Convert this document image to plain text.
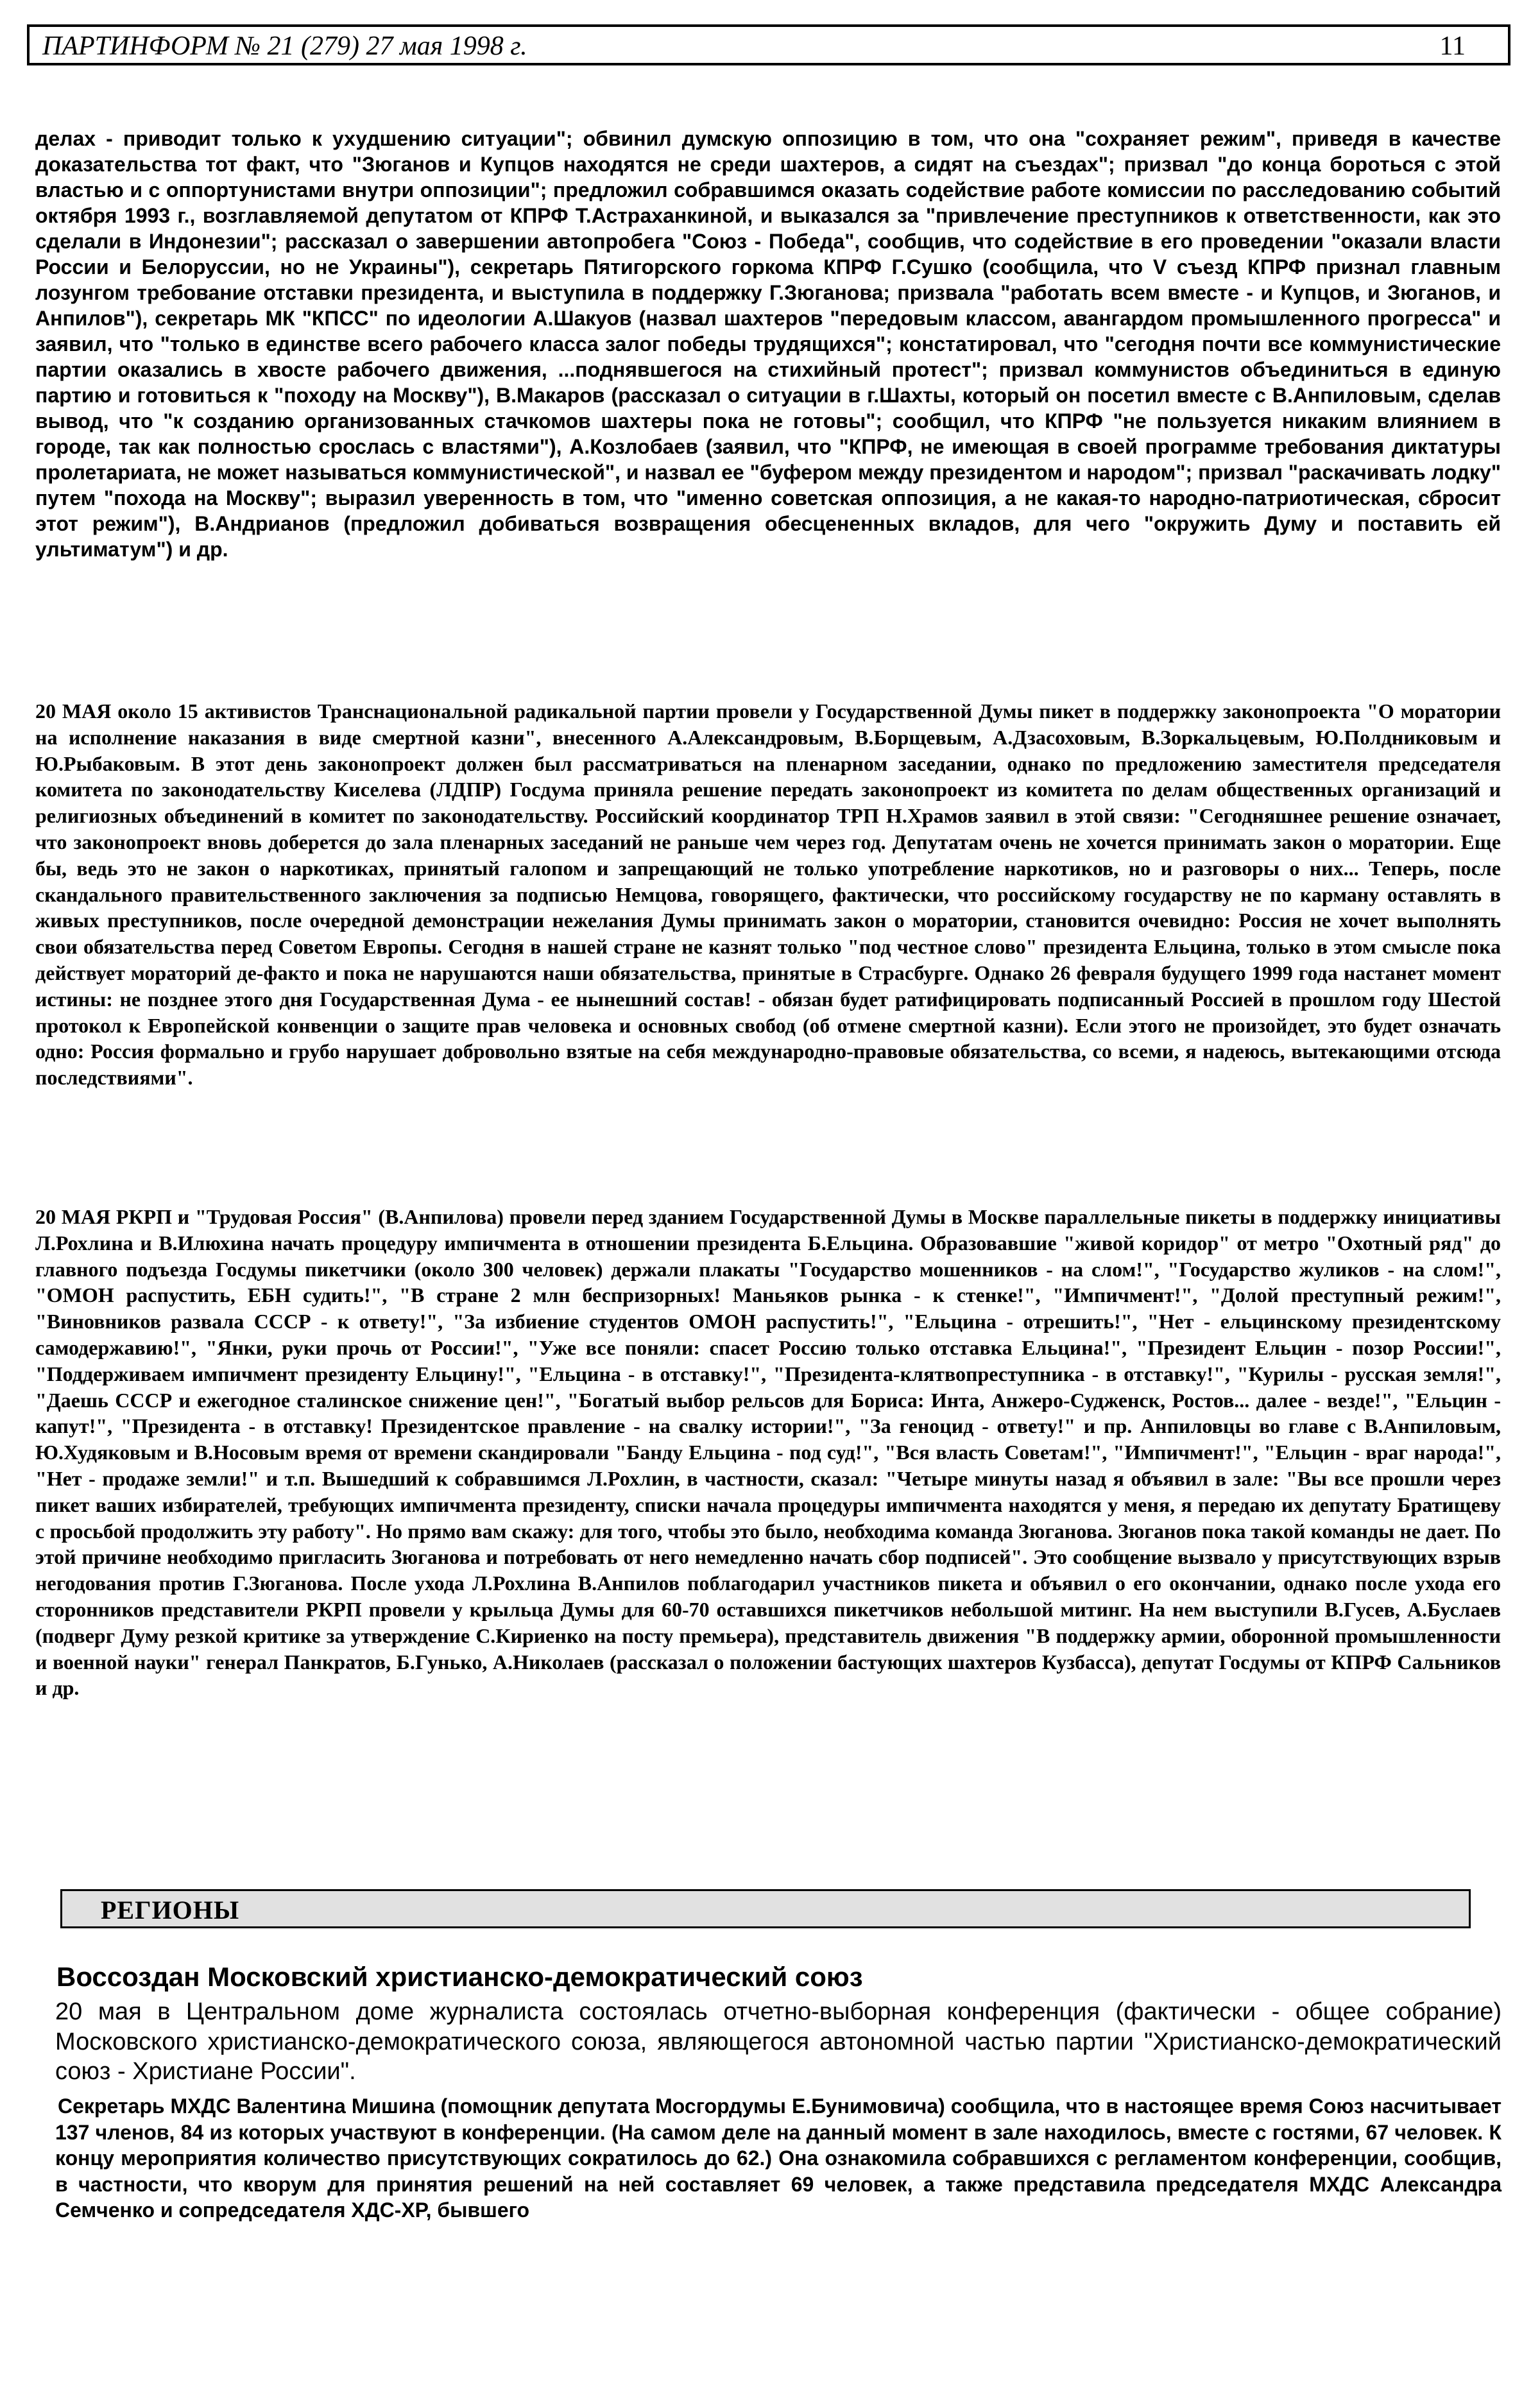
ПАРТИНФОРМ № 21 (279) 27 мая 1998 г.	11

делах - приводит только к ухудшению ситуации"; обвинил думскую оппозицию в том, что она "сохраняет режим", приведя в качестве доказательства тот факт, что "Зюганов и Купцов находятся не среди шахтеров, а сидят на съездах"; призвал "до конца бороться с этой властью и с оппортунистами внутри оппозиции"; предложил собравшимся оказать содействие работе комиссии по расследованию событий октября 1993 г., возглавляемой депутатом от КПРФ Т.Астраханкиной, и выказался за "привлечение преступников к ответственности, как это сделали в Индонезии"; рассказал о завершении автопробега "Союз - Победа", сообщив, что содействие в его проведении "оказали власти России и Белоруссии, но не Украины"), секретарь Пятигорского горкома КПРФ Г.Сушко (сообщила, что V съезд КПРФ признал главным лозунгом требование отставки президента, и выступила в поддержку Г.Зюганова; призвала "работать всем вместе - и Купцов, и Зюганов, и Анпилов"), секретарь МК "КПСС" по идеологии А.Шакуов (назвал шахтеров "передовым классом, авангардом промышленного прогресса" и заявил, что "только в единстве всего рабочего класса залог победы трудящихся"; констатировал, что "сегодня почти все коммунистические партии оказались в хвосте рабочего движения, ...поднявшегося на стихийный протест"; призвал коммунистов объединиться в единую партию и готовиться к "походу на Москву"), В.Макаров (рассказал о ситуации в г.Шахты, который он посетил вместе с В.Анпиловым, сделав вывод, что "к созданию организованных стачкомов шахтеры пока не готовы"; сообщил, что КПРФ "не пользуется никаким влиянием в городе, так как полностью срослась с властями"), А.Козлобаев (заявил, что "КПРФ, не имеющая в своей программе требования диктатуры пролетариата, не может называться коммунистической", и назвал ее "буфером между президентом и народом"; призвал "раскачивать лодку" путем "похода на Москву"; выразил уверенность в том, что "именно советская оппозиция, а не какая-то народно-патриотическая, сбросит этот режим"), В.Андрианов (предложил добиваться возвращения обесцененных вкладов, для чего "окружить Думу и поставить ей ультиматум") и др.

20 МАЯ около 15 активистов Транснациональной радикальной партии провели у Государственной Думы пикет в поддержку законопроекта "О моратории на исполнение наказания в виде смертной казни", внесенного А.Александровым, В.Борщевым, А.Дзасоховым, В.Зоркальцевым, Ю.Полдниковым и Ю.Рыбаковым. В этот день законопроект должен был рассматриваться на пленарном заседании, однако по предложению заместителя председателя комитета по законодательству Киселева (ЛДПР) Госдума приняла решение передать законопроект из комитета по делам общественных организаций и религиозных объединений в комитет по законодательству. Российский координатор ТРП Н.Храмов заявил в этой связи: "Сегодняшнее решение означает, что законопроект вновь доберется до зала пленарных заседаний не раньше чем через год. Депутатам очень не хочется принимать закон о моратории. Еще бы, ведь это не закон о наркотиках, принятый галопом и запрещающий не только употребление наркотиков, но и разговоры о них... Теперь, после скандального правительственного заключения за подписью Немцова, говорящего, фактически, что российскому государству не по карману оставлять в живых преступников, после очередной демонстрации нежелания Думы принимать закон о моратории, становится очевидно: Россия не хочет выполнять свои обязательства перед Советом Европы. Сегодня в нашей стране не казнят только "под честное слово" президента Ельцина, только в этом смысле пока действует мораторий де-факто и пока не нарушаются наши обязательства, принятые в Страсбурге. Однако 26 февраля будущего 1999 года настанет момент истины: не позднее этого дня Государственная Дума - ее нынешний состав! - обязан будет ратифицировать подписанный Россией в прошлом году Шестой протокол к Европейской конвенции о защите прав человека и основных свобод (об отмене смертной казни). Если этого не произойдет, это будет означать одно: Россия формально и грубо нарушает добровольно взятые на себя международно-правовые обязательства, со всеми, я надеюсь, вытекающими отсюда последствиями".

20 МАЯ РКРП и "Трудовая Россия" (В.Анпилова) провели перед зданием Государственной Думы в Москве параллельные пикеты в поддержку инициативы Л.Рохлина и В.Илюхина начать процедуру импичмента в отношении президента Б.Ельцина. Образовавшие "живой коридор" от метро "Охотный ряд" до главного подъезда Госдумы пикетчики (около 300 человек) держали плакаты "Государство мошенников - на слом!", "Государство жуликов - на слом!", "ОМОН распустить, ЕБН судить!", "В стране 2 млн беспризорных! Маньяков рынка - к стенке!", "Импичмент!", "Долой преступный режим!", "Виновников развала СССР - к ответу!", "За избиение студентов ОМОН распустить!", "Ельцина - отрешить!", "Нет - ельцинскому президентскому самодержавию!", "Янки, руки прочь от России!", "Уже все поняли: спасет Россию только отставка Ельцина!", "Президент Ельцин - позор России!", "Поддерживаем импичмент президенту Ельцину!", "Ельцина - в отставку!", "Президента-клятвопреступника - в отставку!", "Курилы - русская земля!", "Даешь СССР и ежегодное сталинское снижение цен!", "Богатый выбор рельсов для Бориса: Инта, Анжеро-Судженск, Ростов... далее - везде!", "Ельцин - капут!", "Президента - в отставку! Президентское правление - на свалку истории!", "За геноцид - ответу!" и пр. Анпиловцы во главе с В.Анпиловым, Ю.Худяковым и В.Носовым время от времени скандировали "Банду Ельцина - под суд!", "Вся власть Советам!", "Импичмент!", "Ельцин - враг народа!", "Нет - продаже земли!" и т.п. Вышедший к собравшимся Л.Рохлин, в частности, сказал: "Четыре минуты назад я объявил в зале: "Вы все прошли через пикет ваших избирателей, требующих импичмента президенту, списки начала процедуры импичмента находятся у меня, я передаю их депутату Братищеву с просьбой продолжить эту работу". Но прямо вам скажу: для того, чтобы это было, необходима команда Зюганова. Зюганов пока такой команды не дает. По этой причине необходимо пригласить Зюганова и потребовать от него немедленно начать сбор подписей". Это сообщение вызвало у присутствующих взрыв негодования против Г.Зюганова. После ухода Л.Рохлина В.Анпилов поблагодарил участников пикета и объявил о его окончании, однако после ухода его сторонников представители РКРП провели у крыльца Думы для 60-70 оставшихся пикетчиков небольшой митинг. На нем выступили В.Гусев, А.Буслаев (подверг Думу резкой критике за утверждение С.Кириенко на посту премьера), представитель движения "В поддержку армии, оборонной промышленности и военной науки" генерал Панкратов, Б.Гунько, А.Николаев (рассказал о положении бастующих шахтеров Кузбасса), депутат Госдумы от КПРФ Сальников и др.

РЕГИОНЫ
Воссоздан Московский христианско-демократический союз

20 мая в Центральном доме журналиста состоялась отчетно-выборная конференция (фактически - общее собрание) Московского христианско-демократического союза, являющегося автономной частью партии "Христианско-демократический союз - Христиане России".

Секретарь МХДС Валентина Мишина (помощник депутата Мосгордумы Е.Бунимовича) сообщила, что в настоящее время Союз насчитывает 137 членов, 84 из которых участвуют в конференции. (На самом деле на данный момент в зале находилось, вместе с гостями, 67 человек. К концу мероприятия количество присутствующих сократилось до 62.) Она ознакомила собравшихся с регламентом конференции, сообщив, в частности, что кворум для принятия решений на ней составляет 69 человек, а также представила председателя МХДС Александра Семченко и сопредседателя ХДС-ХР, бывшего
